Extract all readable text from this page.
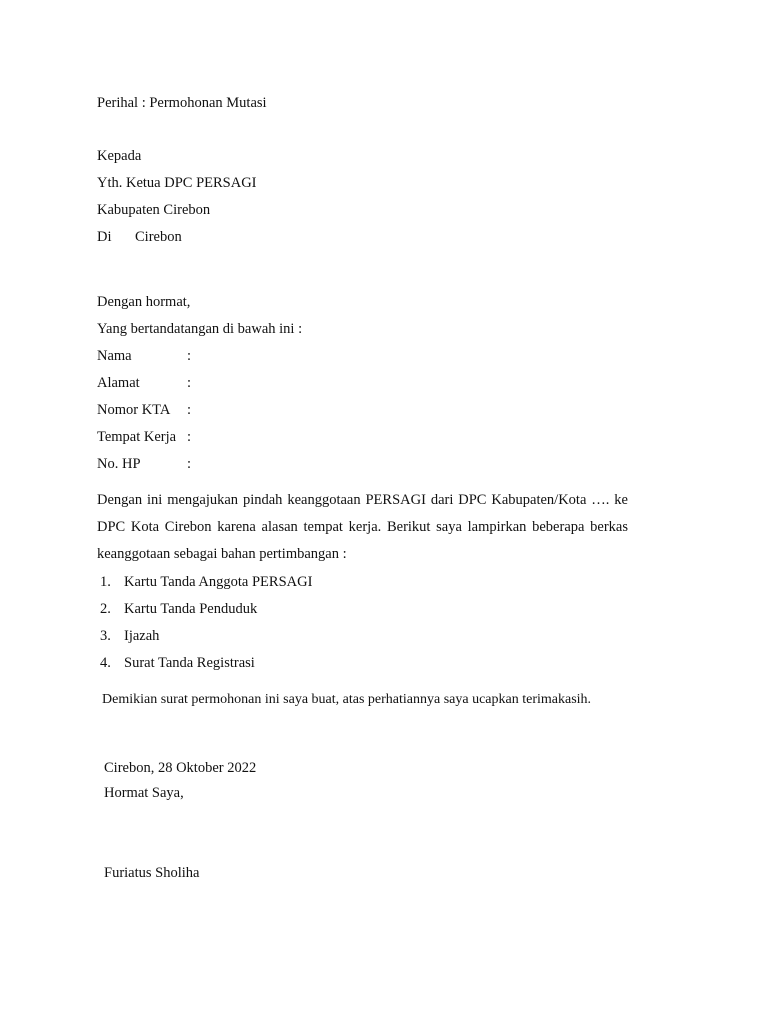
Perihal : Permohonan Mutasi
Kepada
Yth. Ketua DPC PERSAGI
Kabupaten Cirebon
Di Cirebon
Dengan hormat,
Yang bertandatangan di bawah ini :
Nama	:
Alamat	:
Nomor KTA :
Tempat Kerja :
No. HP	:
Dengan ini mengajukan pindah keanggotaan PERSAGI dari DPC Kabupaten/Kota …. ke DPC Kota Cirebon karena alasan tempat kerja. Berikut saya lampirkan beberapa berkas keanggotaan sebagai bahan pertimbangan :
1. Kartu Tanda Anggota PERSAGI
2. Kartu Tanda Penduduk
3. Ijazah
4. Surat Tanda Registrasi
Demikian surat permohonan ini saya buat, atas perhatiannya saya ucapkan terimakasih.
Cirebon, 28 Oktober 2022
Hormat Saya,
Furiatus Sholiha
